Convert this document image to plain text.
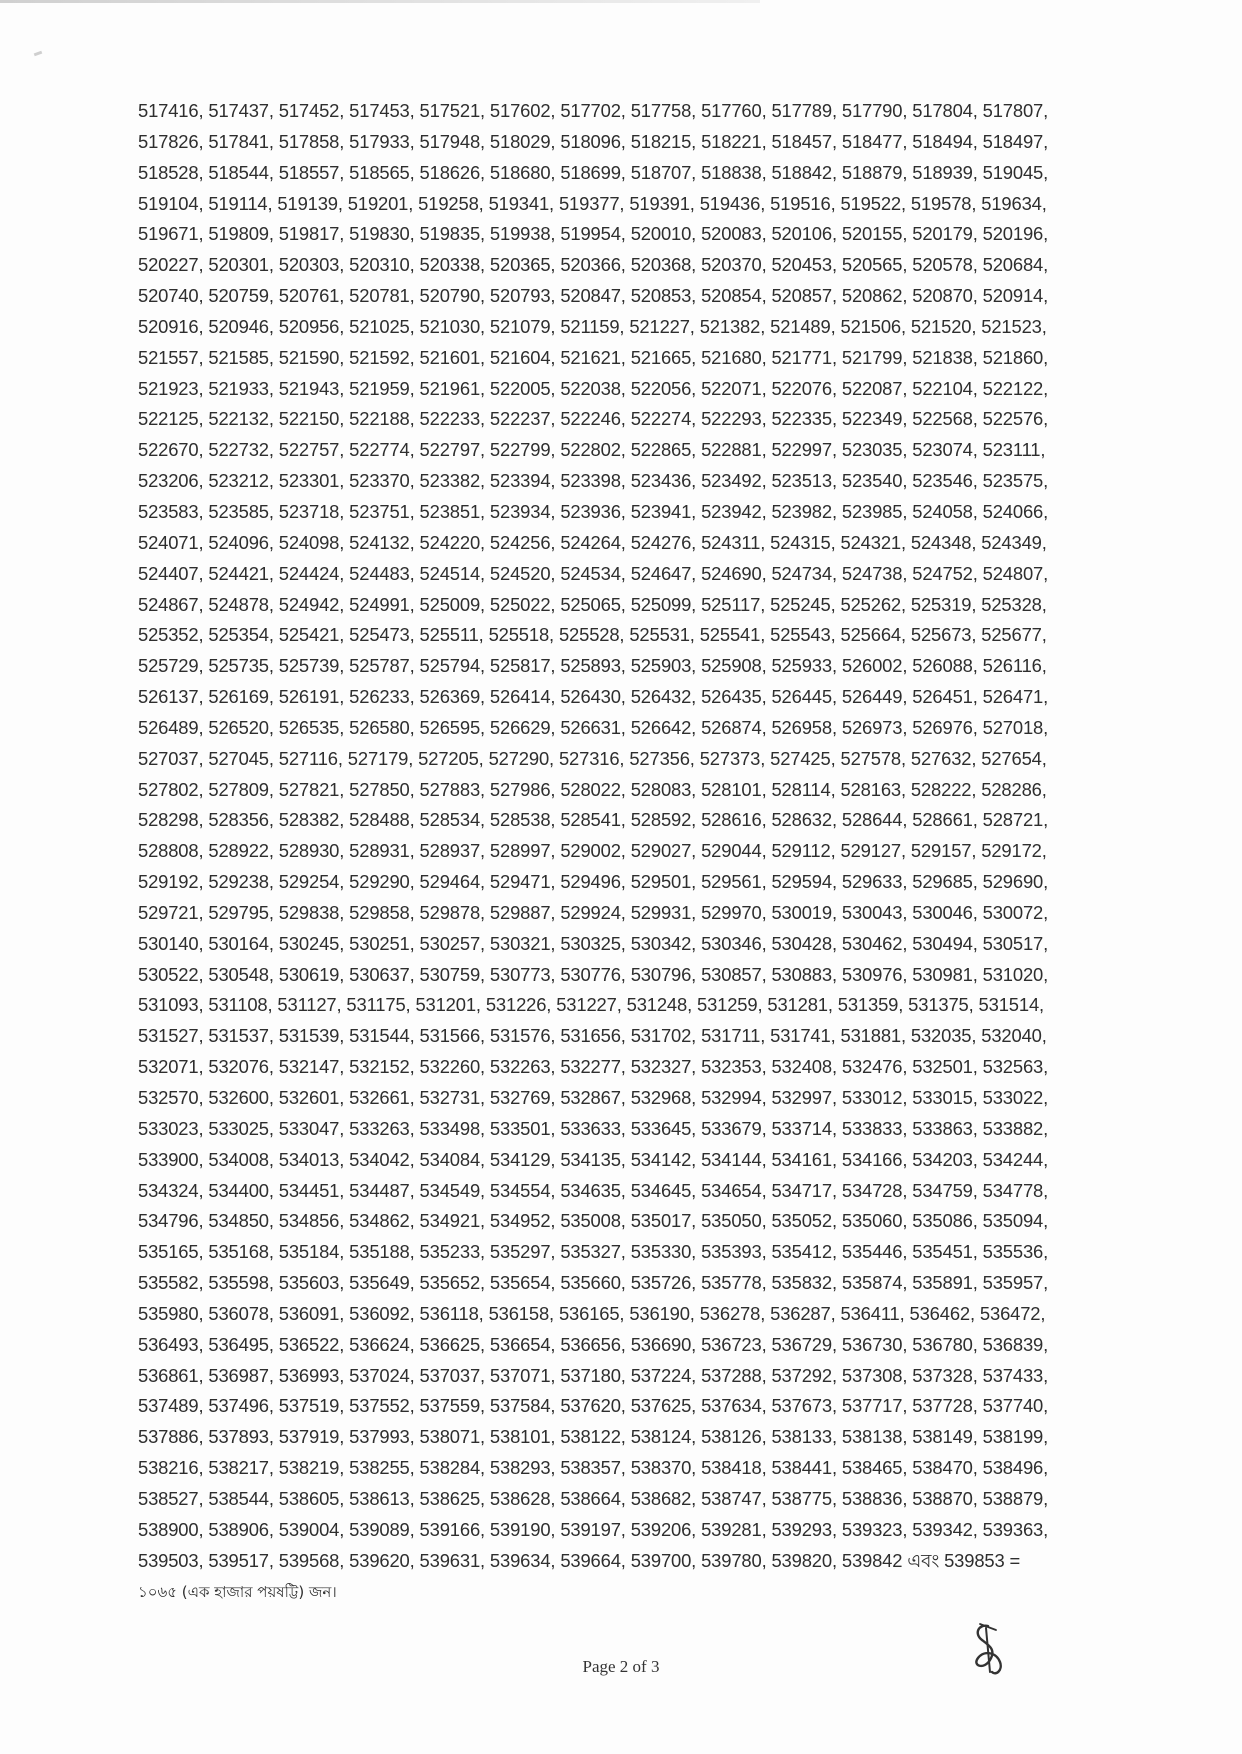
517416, 517437, 517452, 517453, 517521, 517602, 517702, 517758, 517760, 517789, 517790, 517804, 517807,
517826, 517841, 517858, 517933, 517948, 518029, 518096, 518215, 518221, 518457, 518477, 518494, 518497,
518528, 518544, 518557, 518565, 518626, 518680, 518699, 518707, 518838, 518842, 518879, 518939, 519045,
519104, 519114, 519139, 519201, 519258, 519341, 519377, 519391, 519436, 519516, 519522, 519578, 519634,
519671, 519809, 519817, 519830, 519835, 519938, 519954, 520010, 520083, 520106, 520155, 520179, 520196,
520227, 520301, 520303, 520310, 520338, 520365, 520366, 520368, 520370, 520453, 520565, 520578, 520684,
520740, 520759, 520761, 520781, 520790, 520793, 520847, 520853, 520854, 520857, 520862, 520870, 520914,
520916, 520946, 520956, 521025, 521030, 521079, 521159, 521227, 521382, 521489, 521506, 521520, 521523,
521557, 521585, 521590, 521592, 521601, 521604, 521621, 521665, 521680, 521771, 521799, 521838, 521860,
521923, 521933, 521943, 521959, 521961, 522005, 522038, 522056, 522071, 522076, 522087, 522104, 522122,
522125, 522132, 522150, 522188, 522233, 522237, 522246, 522274, 522293, 522335, 522349, 522568, 522576,
522670, 522732, 522757, 522774, 522797, 522799, 522802, 522865, 522881, 522997, 523035, 523074, 523111,
523206, 523212, 523301, 523370, 523382, 523394, 523398, 523436, 523492, 523513, 523540, 523546, 523575,
523583, 523585, 523718, 523751, 523851, 523934, 523936, 523941, 523942, 523982, 523985, 524058, 524066,
524071, 524096, 524098, 524132, 524220, 524256, 524264, 524276, 524311, 524315, 524321, 524348, 524349,
524407, 524421, 524424, 524483, 524514, 524520, 524534, 524647, 524690, 524734, 524738, 524752, 524807,
524867, 524878, 524942, 524991, 525009, 525022, 525065, 525099, 525117, 525245, 525262, 525319, 525328,
525352, 525354, 525421, 525473, 525511, 525518, 525528, 525531, 525541, 525543, 525664, 525673, 525677,
525729, 525735, 525739, 525787, 525794, 525817, 525893, 525903, 525908, 525933, 526002, 526088, 526116,
526137, 526169, 526191, 526233, 526369, 526414, 526430, 526432, 526435, 526445, 526449, 526451, 526471,
526489, 526520, 526535, 526580, 526595, 526629, 526631, 526642, 526874, 526958, 526973, 526976, 527018,
527037, 527045, 527116, 527179, 527205, 527290, 527316, 527356, 527373, 527425, 527578, 527632, 527654,
527802, 527809, 527821, 527850, 527883, 527986, 528022, 528083, 528101, 528114, 528163, 528222, 528286,
528298, 528356, 528382, 528488, 528534, 528538, 528541, 528592, 528616, 528632, 528644, 528661, 528721,
528808, 528922, 528930, 528931, 528937, 528997, 529002, 529027, 529044, 529112, 529127, 529157, 529172,
529192, 529238, 529254, 529290, 529464, 529471, 529496, 529501, 529561, 529594, 529633, 529685, 529690,
529721, 529795, 529838, 529858, 529878, 529887, 529924, 529931, 529970, 530019, 530043, 530046, 530072,
530140, 530164, 530245, 530251, 530257, 530321, 530325, 530342, 530346, 530428, 530462, 530494, 530517,
530522, 530548, 530619, 530637, 530759, 530773, 530776, 530796, 530857, 530883, 530976, 530981, 531020,
531093, 531108, 531127, 531175, 531201, 531226, 531227, 531248, 531259, 531281, 531359, 531375, 531514,
531527, 531537, 531539, 531544, 531566, 531576, 531656, 531702, 531711, 531741, 531881, 532035, 532040,
532071, 532076, 532147, 532152, 532260, 532263, 532277, 532327, 532353, 532408, 532476, 532501, 532563,
532570, 532600, 532601, 532661, 532731, 532769, 532867, 532968, 532994, 532997, 533012, 533015, 533022,
533023, 533025, 533047, 533263, 533498, 533501, 533633, 533645, 533679, 533714, 533833, 533863, 533882,
533900, 534008, 534013, 534042, 534084, 534129, 534135, 534142, 534144, 534161, 534166, 534203, 534244,
534324, 534400, 534451, 534487, 534549, 534554, 534635, 534645, 534654, 534717, 534728, 534759, 534778,
534796, 534850, 534856, 534862, 534921, 534952, 535008, 535017, 535050, 535052, 535060, 535086, 535094,
535165, 535168, 535184, 535188, 535233, 535297, 535327, 535330, 535393, 535412, 535446, 535451, 535536,
535582, 535598, 535603, 535649, 535652, 535654, 535660, 535726, 535778, 535832, 535874, 535891, 535957,
535980, 536078, 536091, 536092, 536118, 536158, 536165, 536190, 536278, 536287, 536411, 536462, 536472,
536493, 536495, 536522, 536624, 536625, 536654, 536656, 536690, 536723, 536729, 536730, 536780, 536839,
536861, 536987, 536993, 537024, 537037, 537071, 537180, 537224, 537288, 537292, 537308, 537328, 537433,
537489, 537496, 537519, 537552, 537559, 537584, 537620, 537625, 537634, 537673, 537717, 537728, 537740,
537886, 537893, 537919, 537993, 538071, 538101, 538122, 538124, 538126, 538133, 538138, 538149, 538199,
538216, 538217, 538219, 538255, 538284, 538293, 538357, 538370, 538418, 538441, 538465, 538470, 538496,
538527, 538544, 538605, 538613, 538625, 538628, 538664, 538682, 538747, 538775, 538836, 538870, 538879,
538900, 538906, 539004, 539089, 539166, 539190, 539197, 539206, 539281, 539293, 539323, 539342, 539363,
539503, 539517, 539568, 539620, 539631, 539634, 539664, 539700, 539780, 539820, 539842 এবং 539853 =
১০৬৫ (এক হাজার পয়ষট্টি) জন।
Page 2 of 3
